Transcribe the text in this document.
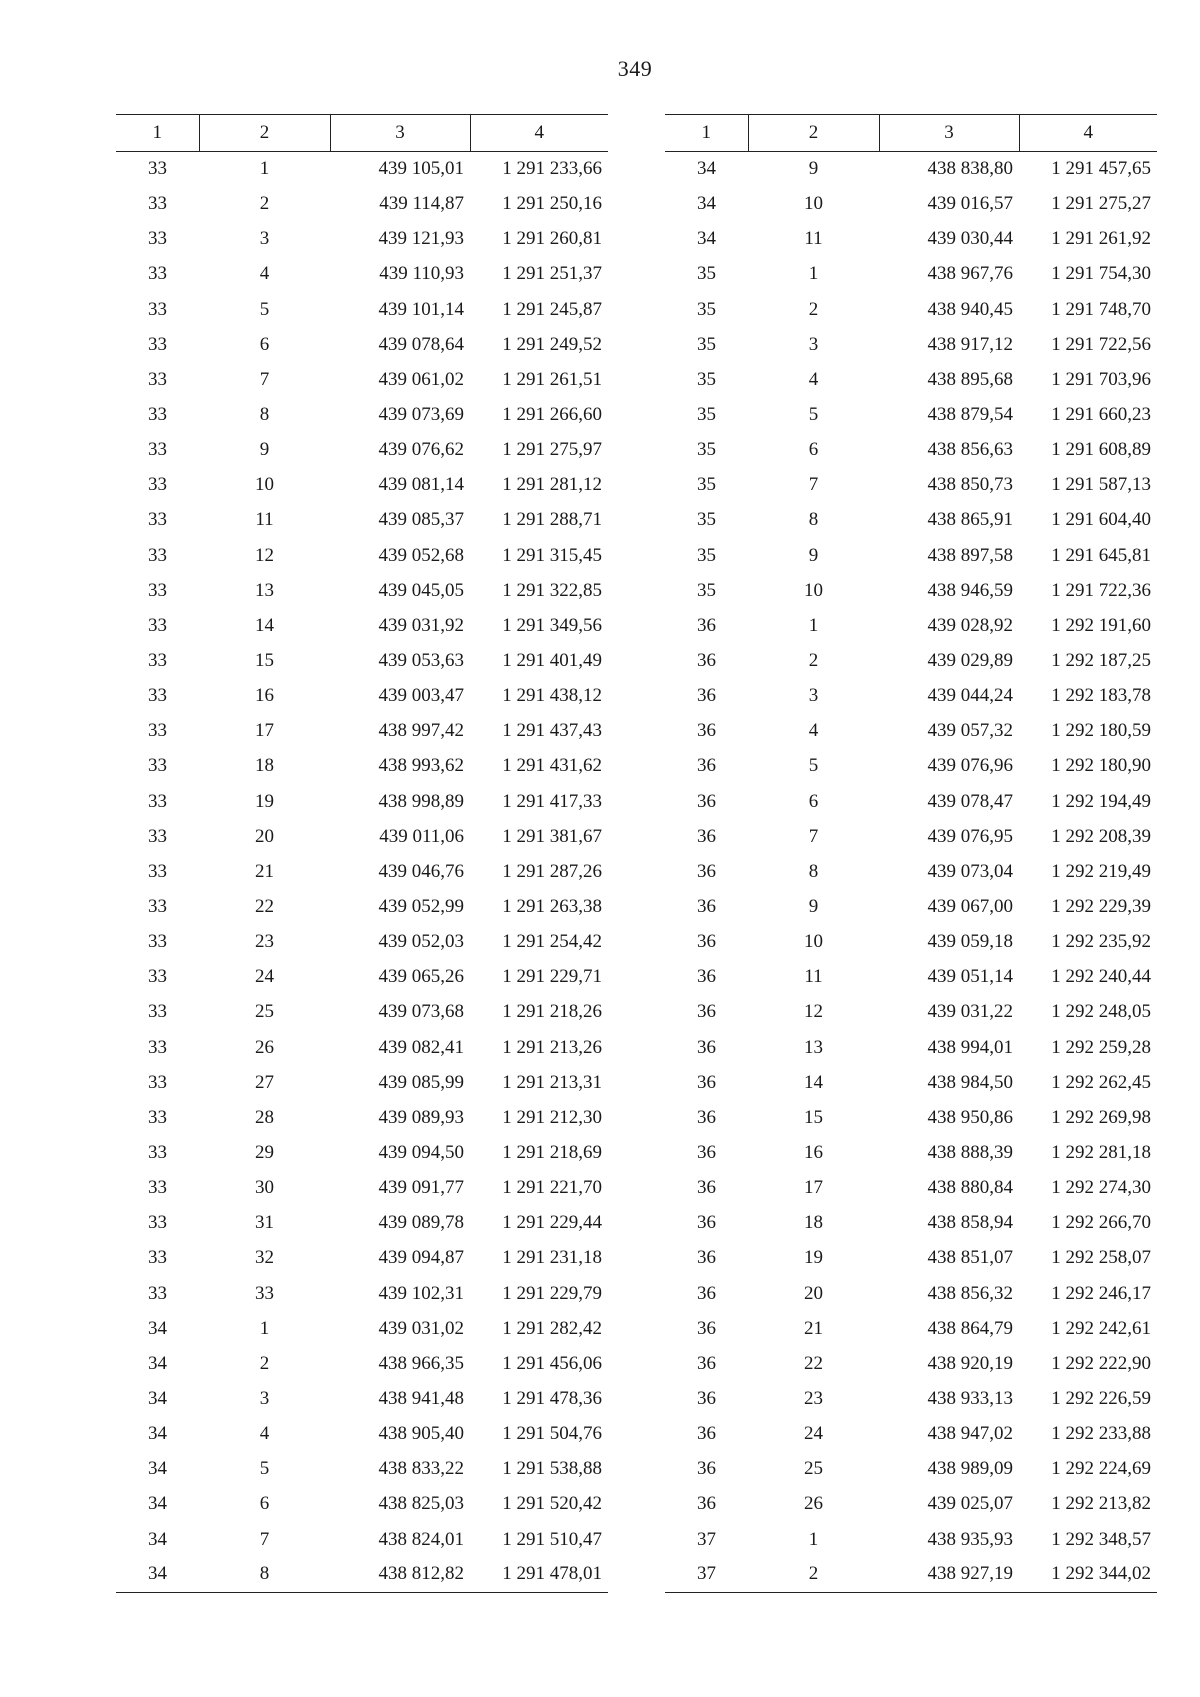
349
1	2	3	4
33	1	439 105,01	1 291 233,66
33	2	439 114,87	1 291 250,16
33	3	439 121,93	1 291 260,81
33	4	439 110,93	1 291 251,37
33	5	439 101,14	1 291 245,87
33	6	439 078,64	1 291 249,52
33	7	439 061,02	1 291 261,51
33	8	439 073,69	1 291 266,60
33	9	439 076,62	1 291 275,97
33	10	439 081,14	1 291 281,12
33	11	439 085,37	1 291 288,71
33	12	439 052,68	1 291 315,45
33	13	439 045,05	1 291 322,85
33	14	439 031,92	1 291 349,56
33	15	439 053,63	1 291 401,49
33	16	439 003,47	1 291 438,12
33	17	438 997,42	1 291 437,43
33	18	438 993,62	1 291 431,62
33	19	438 998,89	1 291 417,33
33	20	439 011,06	1 291 381,67
33	21	439 046,76	1 291 287,26
33	22	439 052,99	1 291 263,38
33	23	439 052,03	1 291 254,42
33	24	439 065,26	1 291 229,71
33	25	439 073,68	1 291 218,26
33	26	439 082,41	1 291 213,26
33	27	439 085,99	1 291 213,31
33	28	439 089,93	1 291 212,30
33	29	439 094,50	1 291 218,69
33	30	439 091,77	1 291 221,70
33	31	439 089,78	1 291 229,44
33	32	439 094,87	1 291 231,18
33	33	439 102,31	1 291 229,79
34	1	439 031,02	1 291 282,42
34	2	438 966,35	1 291 456,06
34	3	438 941,48	1 291 478,36
34	4	438 905,40	1 291 504,76
34	5	438 833,22	1 291 538,88
34	6	438 825,03	1 291 520,42
34	7	438 824,01	1 291 510,47
34	8	438 812,82	1 291 478,01
1	2	3	4
34	9	438 838,80	1 291 457,65
34	10	439 016,57	1 291 275,27
34	11	439 030,44	1 291 261,92
35	1	438 967,76	1 291 754,30
35	2	438 940,45	1 291 748,70
35	3	438 917,12	1 291 722,56
35	4	438 895,68	1 291 703,96
35	5	438 879,54	1 291 660,23
35	6	438 856,63	1 291 608,89
35	7	438 850,73	1 291 587,13
35	8	438 865,91	1 291 604,40
35	9	438 897,58	1 291 645,81
35	10	438 946,59	1 291 722,36
36	1	439 028,92	1 292 191,60
36	2	439 029,89	1 292 187,25
36	3	439 044,24	1 292 183,78
36	4	439 057,32	1 292 180,59
36	5	439 076,96	1 292 180,90
36	6	439 078,47	1 292 194,49
36	7	439 076,95	1 292 208,39
36	8	439 073,04	1 292 219,49
36	9	439 067,00	1 292 229,39
36	10	439 059,18	1 292 235,92
36	11	439 051,14	1 292 240,44
36	12	439 031,22	1 292 248,05
36	13	438 994,01	1 292 259,28
36	14	438 984,50	1 292 262,45
36	15	438 950,86	1 292 269,98
36	16	438 888,39	1 292 281,18
36	17	438 880,84	1 292 274,30
36	18	438 858,94	1 292 266,70
36	19	438 851,07	1 292 258,07
36	20	438 856,32	1 292 246,17
36	21	438 864,79	1 292 242,61
36	22	438 920,19	1 292 222,90
36	23	438 933,13	1 292 226,59
36	24	438 947,02	1 292 233,88
36	25	438 989,09	1 292 224,69
36	26	439 025,07	1 292 213,82
37	1	438 935,93	1 292 348,57
37	2	438 927,19	1 292 344,02
